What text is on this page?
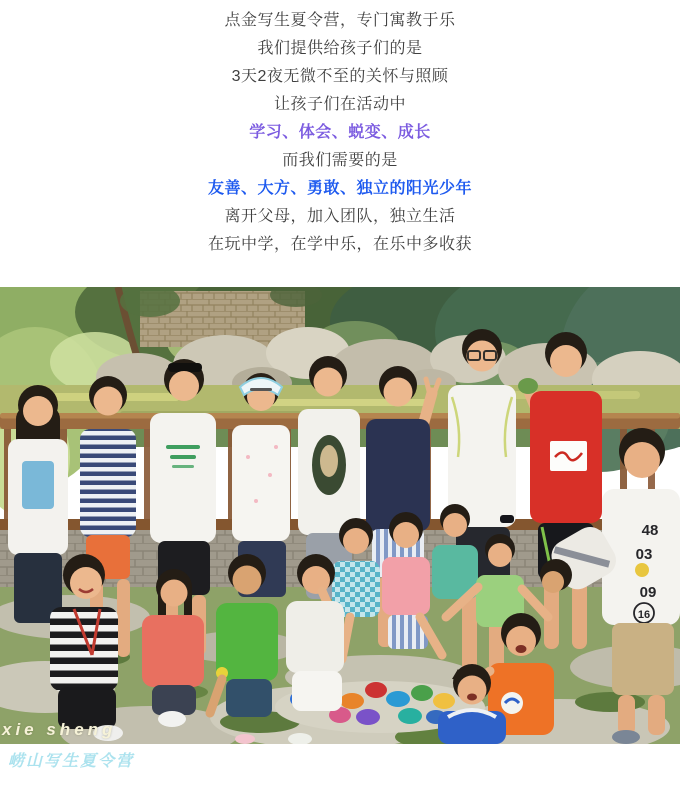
点金写生夏令营，专门寓教于乐

我们提供给孩子们的是

3天2夜无微不至的关怀与照顾

让孩子们在活动中

学习、体会、蜕变、成长

而我们需要的是

友善、大方、勇敢、独立的阳光少年

离开父母，加入团队，独立生活

在玩中学，在学中乐，在乐中多收获

48
03
09
16
xie sheng

崂山写生夏令营
